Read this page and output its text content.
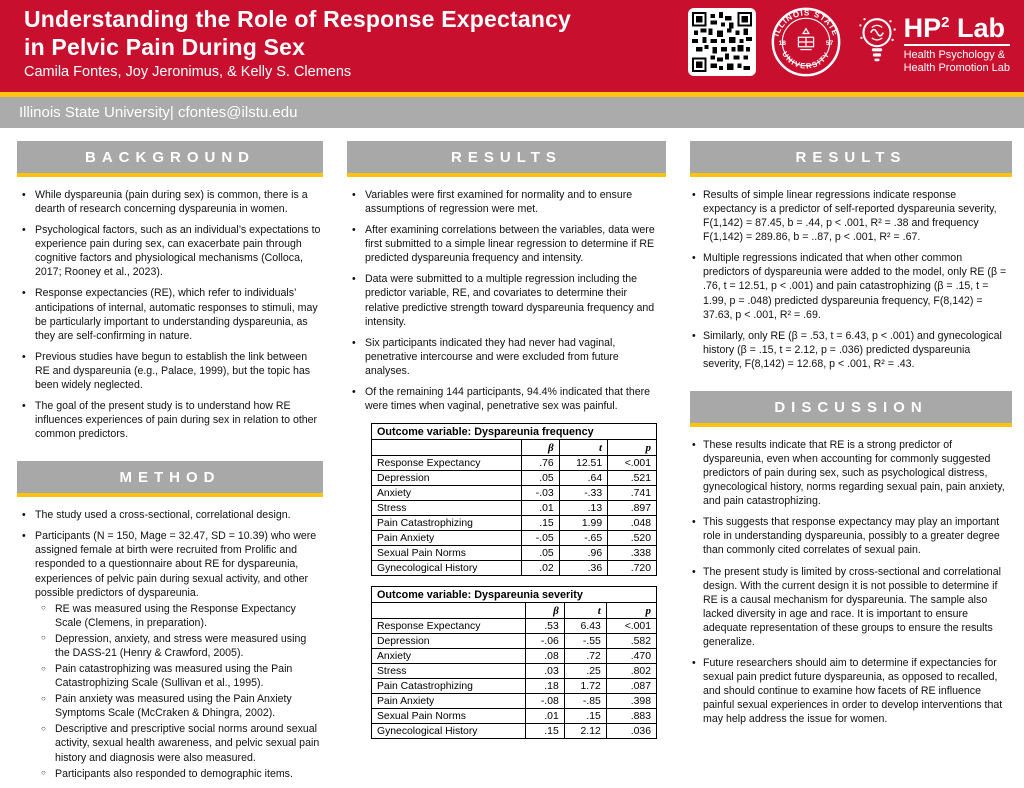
Understanding the Role of Response Expectancy
in Pelvic Pain During Sex
Camila Fontes, Joy Jeronimus, & Kelly S. Clemens
ILLINOIS STATE
UNIVERSITY
18	57
$HP^2$ Lab
Health Psychology &
Health Promotion Lab
Illinois State University| cfontes@ilstu.edu
BACKGROUND
• While dyspareunia (pain during sex) is common, there is a dearth of research concerning dyspareunia in women.
• Psychological factors, such as an individual’s expectations to experience pain during sex, can exacerbate pain through cognitive factors and physiological mechanisms (Colloca, 2017; Rooney et al., 2023).
• Response expectancies (RE), which refer to individuals’ anticipations of internal, automatic responses to stimuli, may be particularly important to understanding dyspareunia, as they are self-confirming in nature.
• Previous studies have begun to establish the link between RE and dyspareunia (e.g., Palace, 1999), but the topic has been widely neglected.
• The goal of the present study is to understand how RE influences experiences of pain during sex in relation to other common predictors.
METHOD
• The study used a cross-sectional, correlational design.
• Participants (N = 150, Mage = 32.47, SD = 10.39) who were assigned female at birth were recruited from Prolific and responded to a questionnaire about RE for dyspareunia, experiences of pelvic pain during sexual activity, and other possible predictors of dyspareunia.
○ RE was measured using the Response Expectancy Scale (Clemens, in preparation).
○ Depression, anxiety, and stress were measured using the DASS-21 (Henry & Crawford, 2005).
○ Pain catastrophizing was measured using the Pain Catastrophizing Scale (Sullivan et al., 1995).
○ Pain anxiety was measured using the Pain Anxiety Symptoms Scale (McCraken & Dhingra, 2002).
○ Descriptive and prescriptive social norms around sexual activity, sexual health awareness, and pelvic sexual pain history and diagnosis were also measured.
○ Participants also responded to demographic items.
RESULTS
• Variables were first examined for normality and to ensure assumptions of regression were met.
• After examining correlations between the variables, data were first submitted to a simple linear regression to determine if RE predicted dyspareunia frequency and intensity.
• Data were submitted to a multiple regression including the predictor variable, RE, and covariates to determine their relative predictive strength toward dyspareunia frequency and intensity.
• Six participants indicated they had never had vaginal, penetrative intercourse and were excluded from future analyses.
• Of the remaining 144 participants, 94.4% indicated that there were times when vaginal, penetrative sex was painful.
Outcome variable: Dyspareunia frequency			
	β	t	p
Response Expectancy	.76	12.51	<.001
Depression	.05	.64	.521
Anxiety	-.03	-.33	.741
Stress	.01	.13	.897
Pain Catastrophizing	.15	1.99	.048
Pain Anxiety	-.05	-.65	.520
Sexual Pain Norms	.05	.96	.338
Gynecological History	.02	.36	.720
Outcome variable: Dyspareunia severity			
	β	t	p
Response Expectancy	.53	6.43	<.001
Depression	-.06	-.55	.582
Anxiety	.08	.72	.470
Stress	.03	.25	.802
Pain Catastrophizing	.18	1.72	.087
Pain Anxiety	-.08	-.85	.398
Sexual Pain Norms	.01	.15	.883
Gynecological History	.15	2.12	.036
RESULTS
• Results of simple linear regressions indicate response expectancy is a predictor of self-reported dyspareunia severity, F(1,142) = 87.45, b = .44, p < .001, R² = .38 and frequency F(1,142) = 289.86, b = ..87, p < .001, R² = .67.
• Multiple regressions indicated that when other common predictors of dyspareunia were added to the model, only RE (β = .76, t = 12.51, p < .001) and pain catastrophizing (β = .15, t = 1.99, p = .048) predicted dyspareunia frequency, F(8,142) = 37.63, p < .001, R² = .69.
• Similarly, only RE (β = .53, t = 6.43, p < .001) and gynecological history (β = .15, t = 2.12, p = .036) predicted dyspareunia severity, F(8,142) = 12.68, p < .001, R² = .43.
DISCUSSION
• These results indicate that RE is a strong predictor of dyspareunia, even when accounting for commonly suggested predictors of pain during sex, such as psychological distress, gynecological history, norms regarding sexual pain, pain anxiety, and pain catastrophizing.
• This suggests that response expectancy may play an important role in understanding dyspareunia, possibly to a greater degree than commonly cited correlates of sexual pain.
• The present study is limited by cross-sectional and correlational design. With the current design it is not possible to determine if RE is a causal mechanism for dyspareunia. The sample also lacked diversity in age and race. It is important to ensure adequate representation of these groups to ensure the results generalize.
• Future researchers should aim to determine if expectancies for sexual pain predict future dyspareunia, as opposed to recalled, and should continue to examine how facets of RE influence painful sexual experiences in order to develop interventions that may help address the issue for women.
